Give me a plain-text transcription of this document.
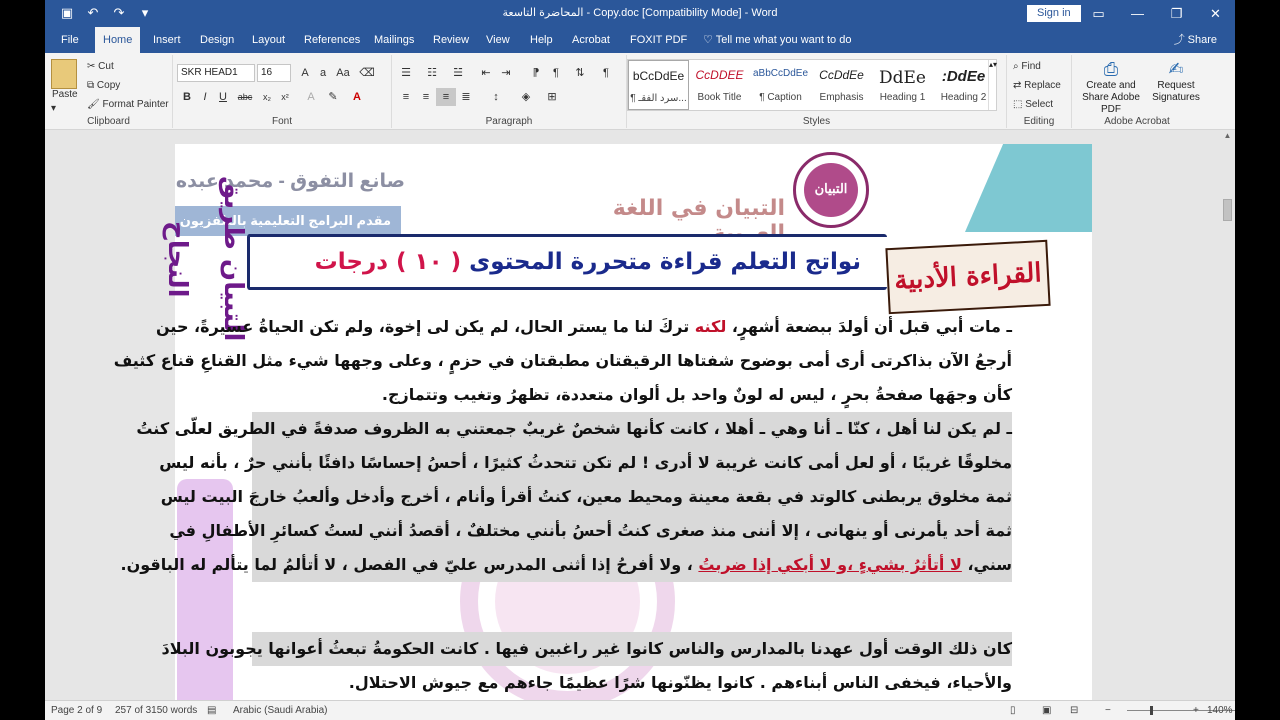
▣	↶	↷	▾	المحاضرة التاسعة - Copy.doc [Compatibility Mode] - Word	Sign in	▭	—	❐	✕
File	Home	Insert	Design	Layout	References	Mailings	Review	View	Help	Acrobat	FOXIT PDF	♡ Tell me what you want to do	⤴ Share
Paste
▾
✂ Cut
⧉ Copy
🖌 Format Painter
Clipboard
SKR HEAD1	16	A	a Aa ⌫
B	I	U	abc	x₂	x²	A	✎	A
Font
☰	☷	☱	⇤ ⇥	⁋	¶	⇅	¶
≡	≡	≡	≣	↕	◈	⊞
Paragraph
bCcDdEe
¶ سرد الفقـ...
CcDDEE
Book Title
aBbCcDdEe
¶ Caption
CcDdEe
Emphasis
DdEe
Heading 1
:DdEe
Heading 2
▴▾
Styles
⌕ Find
⇄ Replace
⬚ Select
Editing
⎙
Create and Share Adobe PDF
✍
Request Signatures
Adobe Acrobat
صانع التفوق - محمد عبده
مقدم البرامج التعليمية بالتلفزيون	التبيان في اللغة
التبيان
نواتج التعلم قراءة متحررة المحتوى ( ١٠ ) درجات	القراءة الأدبية
التبيان طريق النجاح
ـ مات أبي قبل أن أولدَ ببضعة أشهرٍ، لكنه تركَ لنا ما يستر الحال، لم يكن لى إخوة، ولم تكن الحياةُ عسيرةً، حين
أرجعُ الآن بذاكرتى أرى أمى بوضوح شفتاها الرقيقتان مطبقتان في حزمٍ ، وعلى وجهها شيء مثل القناعِ قناع كثيف
كأن وجهَها صفحةُ بحرٍ ، ليس له لونٌ واحد بل ألوان متعددة، تظهرُ وتغيب وتتمازج.
ـ لم يكن لنا أهل ، كنّا ـ أنا وهي ـ أهلا ، كانت كأنها شخصٌ غريبٌ جمعتني به الظروف صدفةً في الطريق لعلّى كنتُ
مخلوقًا غريبًا ، أو لعل أمى كانت غريبة لا أدرى ! لم تكن تتحدثُ كثيرًا ، أحسُ إحساسًا دافئًا بأنني حرٌ ، بأنه ليس
ثمة مخلوق يربطنى كالوتد في بقعة معينة ومحيط معين، كنتُ أقرأ وأنام ، أخرج وأدخل وألعبُ خارجَ البيت ليس
ثمة أحد يأمرنى أو ينهانى ، إلا أننى منذ صغرى كنتُ أحسُ بأنني مختلفٌ ، أقصدُ أنني لستُ كسائرِ الأطفالِ في
سني، لا أتأثرُ بشيءٍ ،و لا أبكي إذا ضربتُ ، ولا أفرحُ إذا أثنى المدرس عليّ في الفصل ، لا أتألمُ لما يتألم له الباقون.
كان ذلك الوقت أول عهدنا بالمدارس والناس كانوا غير راغبين فيها . كانت الحكومةُ تبعثُ أعوانها يجوبون البلادَ
والأحياء، فيخفى الناس أبناءهم . كانوا يظنّونها شرًا عظيمًا جاءهم مع جيوش الاحتلال.
▲
Page 2 of 9 257 of 3150 words ▤ Arabic (Saudi Arabia)	▯	▣ ⊟	−	+ 140%
